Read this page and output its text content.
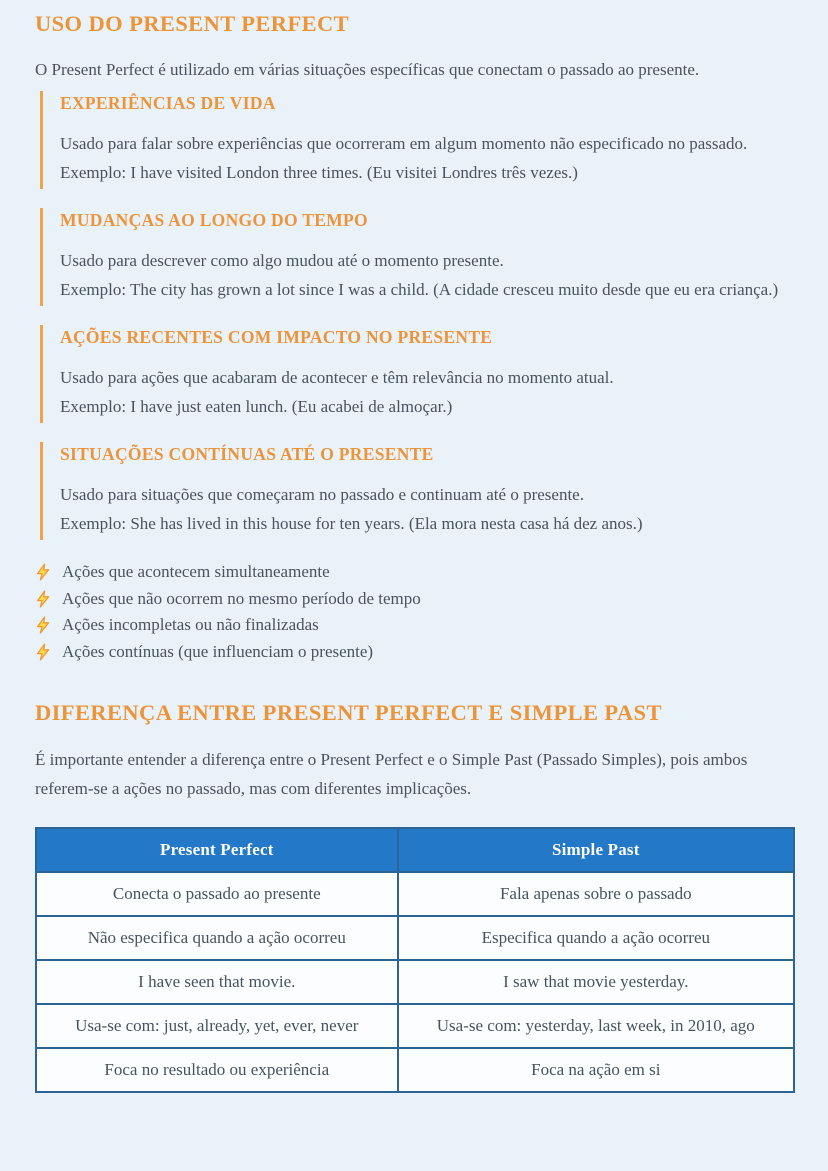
USO DO PRESENT PERFECT

O Present Perfect é utilizado em várias situações específicas que conectam o passado ao presente.

EXPERIÊNCIAS DE VIDA

Usado para falar sobre experiências que ocorreram em algum momento não especificado no passado.

Exemplo: I have visited London three times. (Eu visitei Londres três vezes.)

MUDANÇAS AO LONGO DO TEMPO

Usado para descrever como algo mudou até o momento presente.

Exemplo: The city has grown a lot since I was a child. (A cidade cresceu muito desde que eu era criança.)

AÇÕES RECENTES COM IMPACTO NO PRESENTE

Usado para ações que acabaram de acontecer e têm relevância no momento atual.

Exemplo: I have just eaten lunch. (Eu acabei de almoçar.)

SITUAÇÕES CONTÍNUAS ATÉ O PRESENTE

Usado para situações que começaram no passado e continuam até o presente.

Exemplo: She has lived in this house for ten years. (Ela mora nesta casa há dez anos.)

Ações que acontecem simultaneamente
Ações que não ocorrem no mesmo período de tempo
Ações incompletas ou não finalizadas
Ações contínuas (que influenciam o presente)
DIFERENÇA ENTRE PRESENT PERFECT E SIMPLE PAST

É importante entender a diferença entre o Present Perfect e o Simple Past (Passado Simples), pois ambos referem-se a ações no passado, mas com diferentes implicações.

Present Perfect	Simple Past
Conecta o passado ao presente	Fala apenas sobre o passado
Não especifica quando a ação ocorreu	Especifica quando a ação ocorreu
I have seen that movie.	I saw that movie yesterday.
Usa-se com: just, already, yet, ever, never	Usa-se com: yesterday, last week, in 2010, ago
Foca no resultado ou experiência	Foca na ação em si
